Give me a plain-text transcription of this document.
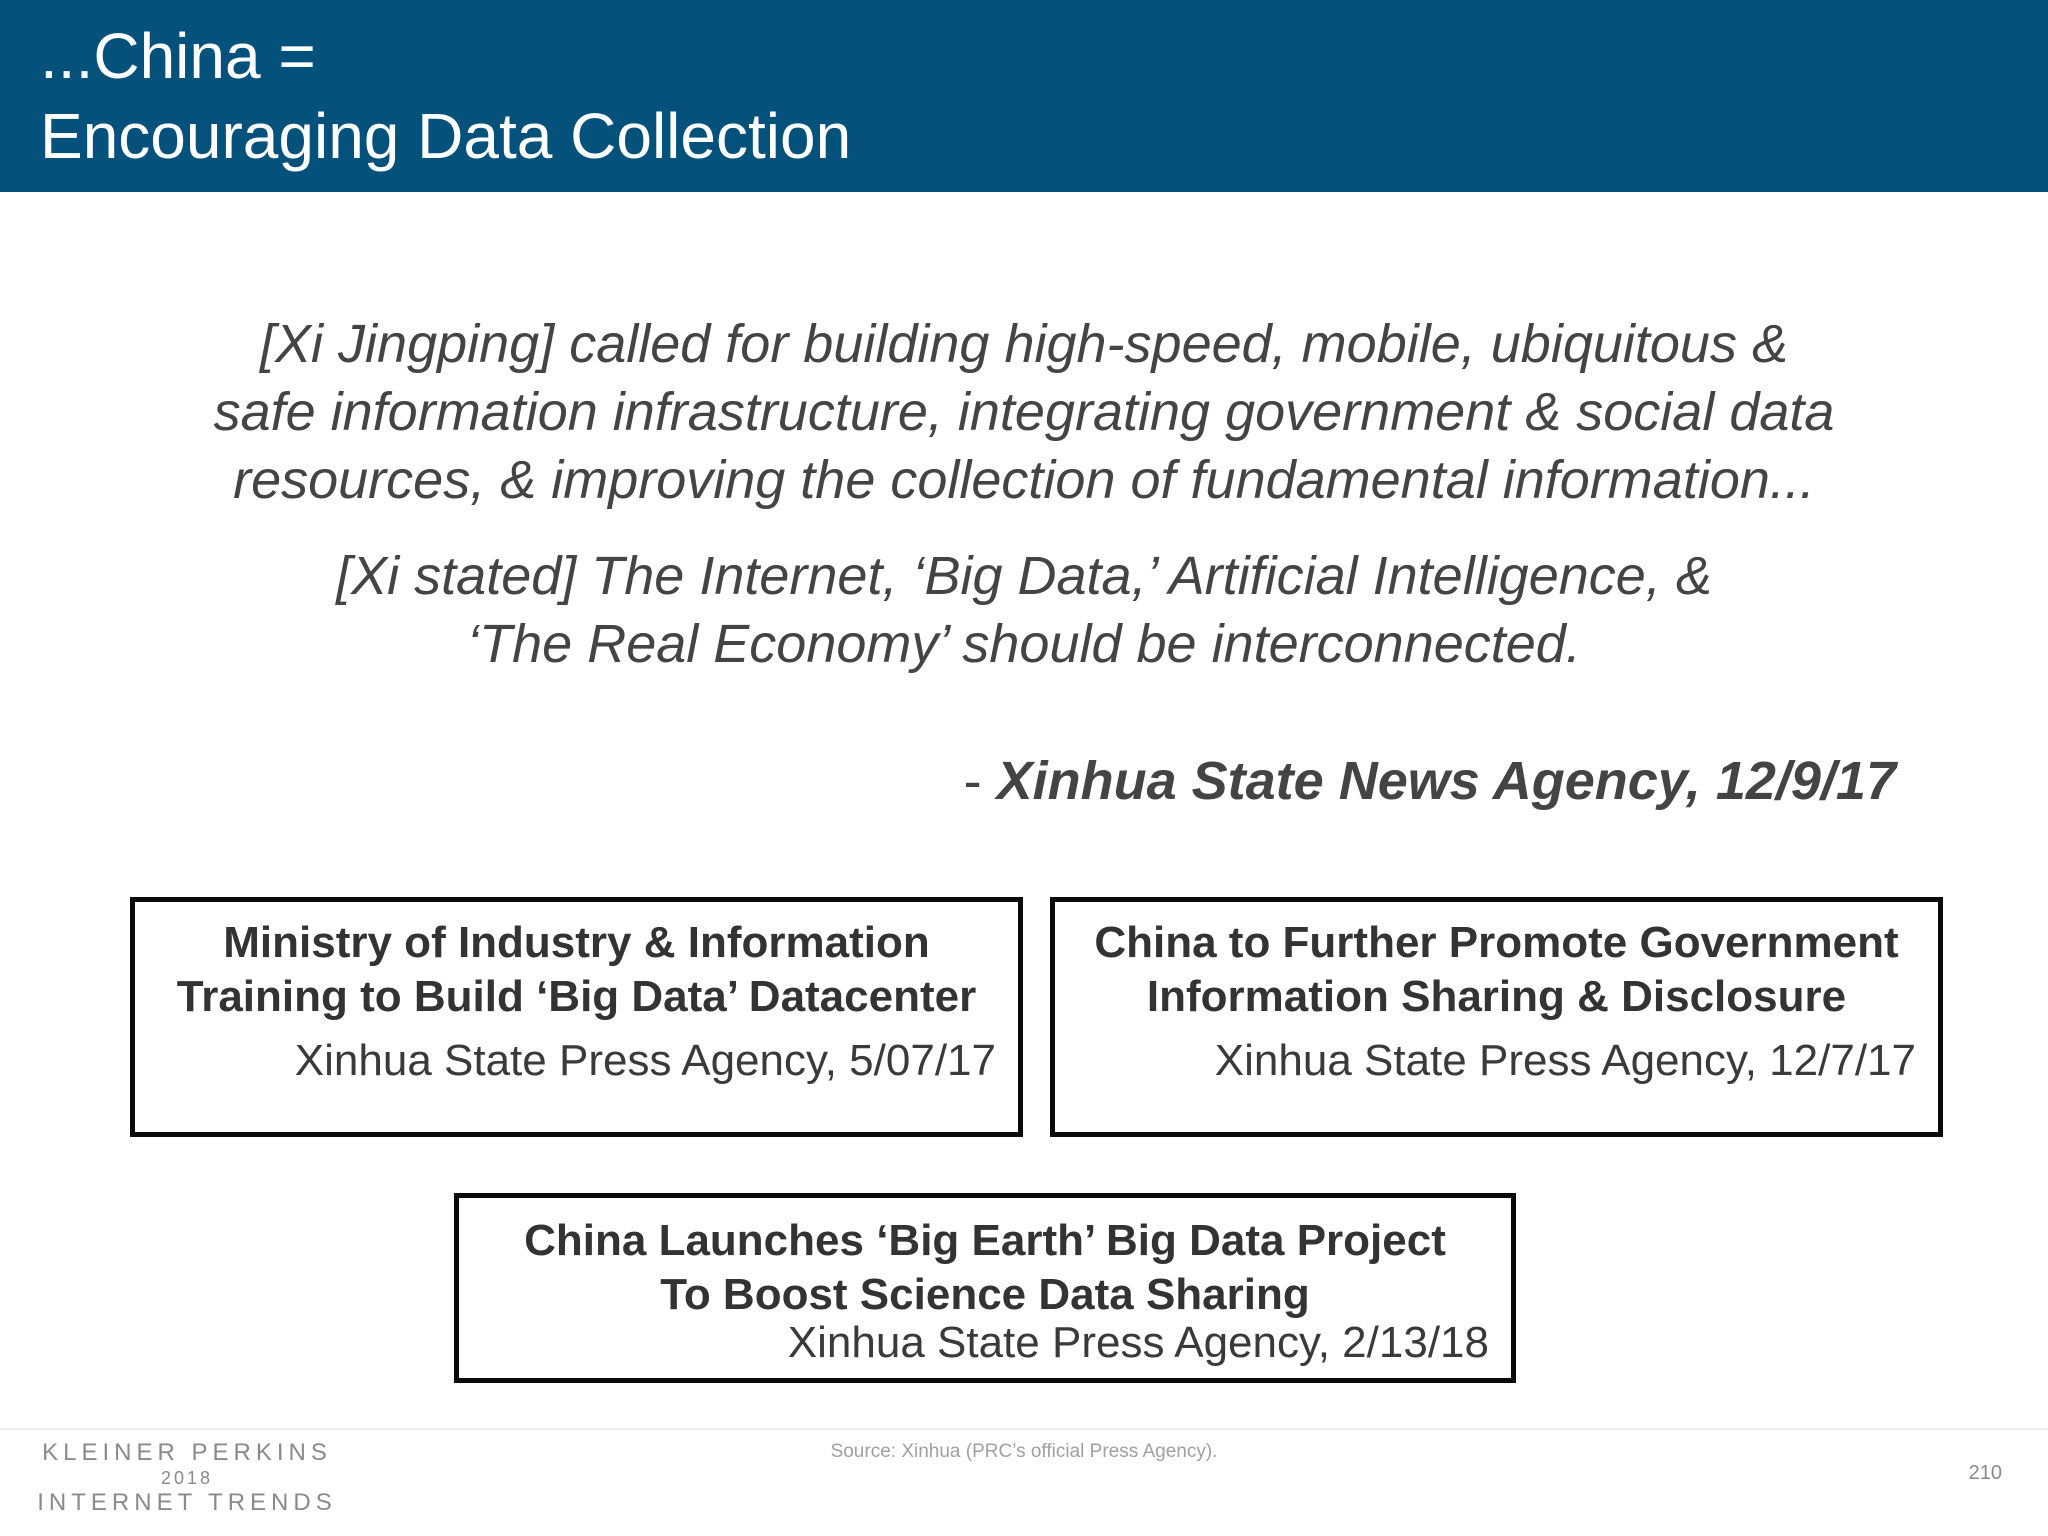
...China =
Encouraging Data Collection
[Xi Jingping] called for building high-speed, mobile, ubiquitous &
safe information infrastructure, integrating government & social data
resources, & improving the collection of fundamental information...
[Xi stated] The Internet, ‘Big Data,’ Artificial Intelligence, &
‘The Real Economy’ should be interconnected.
- Xinhua State News Agency, 12/9/17
Ministry of Industry & Information
Training to Build ‘Big Data’ Datacenter
Xinhua State Press Agency, 5/07/17
China to Further Promote Government
Information Sharing & Disclosure
Xinhua State Press Agency, 12/7/17
China Launches ‘Big Earth’ Big Data Project
To Boost Science Data Sharing
Xinhua State Press Agency, 2/13/18
KLEINER PERKINS
2018
INTERNET TRENDS
Source: Xinhua (PRC’s official Press Agency).
210
